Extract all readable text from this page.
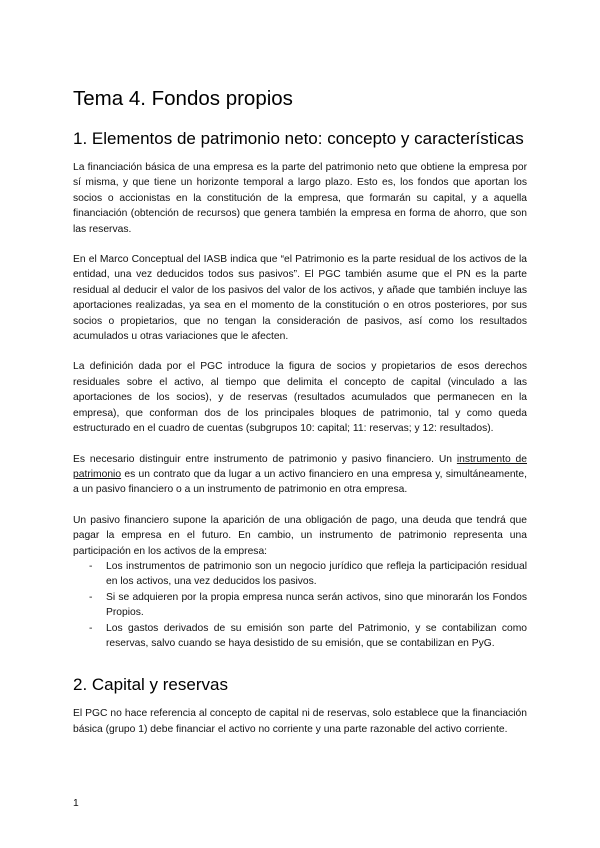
Tema 4. Fondos propios
1. Elementos de patrimonio neto: concepto y características

La financiación básica de una empresa es la parte del patrimonio neto que obtiene la empresa por sí misma, y que tiene un horizonte temporal a largo plazo. Esto es, los fondos que aportan los socios o accionistas en la constitución de la empresa, que formarán su capital, y a aquella financiación (obtención de recursos) que genera también la empresa en forma de ahorro, que son las reservas.

En el Marco Conceptual del IASB indica que “el Patrimonio es la parte residual de los activos de la entidad, una vez deducidos todos sus pasivos”. El PGC también asume que el PN es la parte residual al deducir el valor de los pasivos del valor de los activos, y añade que también incluye las aportaciones realizadas, ya sea en el momento de la constitución o en otros posteriores, por sus socios o propietarios, que no tengan la consideración de pasivos, así como los resultados acumulados u otras variaciones que le afecten.

La definición dada por el PGC introduce la figura de socios y propietarios de esos derechos residuales sobre el activo, al tiempo que delimita el concepto de capital (vinculado a las aportaciones de los socios), y de reservas (resultados acumulados que permanecen en la empresa), que conforman dos de los principales bloques de patrimonio, tal y como queda estructurado en el cuadro de cuentas (subgrupos 10: capital; 11: reservas; y 12: resultados).

Es necesario distinguir entre instrumento de patrimonio y pasivo financiero. Un instrumento de patrimonio es un contrato que da lugar a un activo financiero en una empresa y, simultáneamente, a un pasivo financiero o a un instrumento de patrimonio en otra empresa.

Un pasivo financiero supone la aparición de una obligación de pago, una deuda que tendrá que pagar la empresa en el futuro. En cambio, un instrumento de patrimonio representa una participación en los activos de la empresa:

- Los instrumentos de patrimonio son un negocio jurídico que refleja la participación residual en los activos, una vez deducidos los pasivos.
- Si se adquieren por la propia empresa nunca serán activos, sino que minorarán los Fondos Propios.
- Los gastos derivados de su emisión son parte del Patrimonio, y se contabilizan como reservas, salvo cuando se haya desistido de su emisión, que se contabilizan en PyG.
2. Capital y reservas

El PGC no hace referencia al concepto de capital ni de reservas, solo establece que la financiación básica (grupo 1) debe financiar el activo no corriente y una parte razonable del activo corriente.

1
